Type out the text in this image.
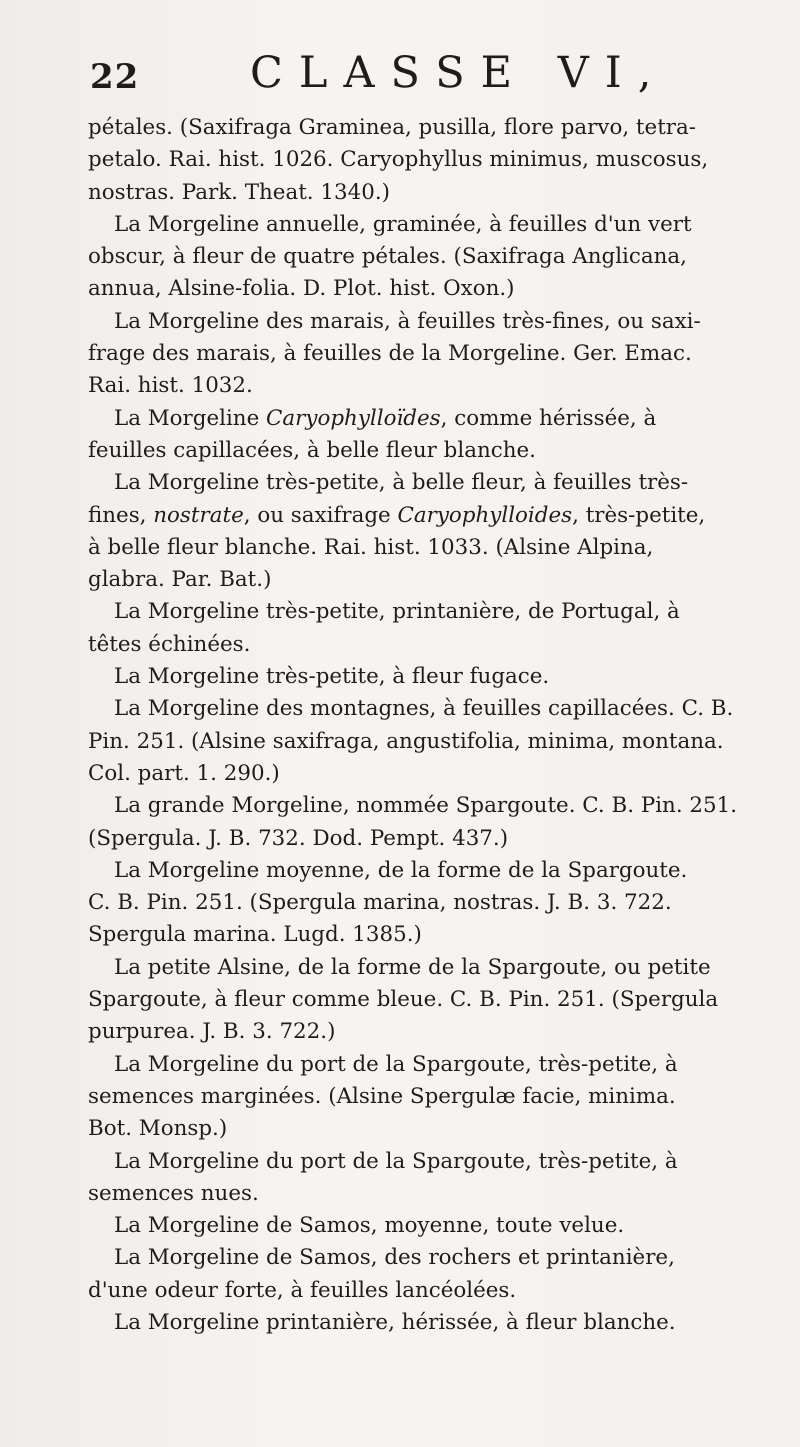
22	CLASSE VI,

pétales. (Saxifraga Graminea, pusilla, flore parvo, tetra-
petalo. Rai. hist. 1026. Caryophyllus minimus, muscosus,
nostras. Park. Theat. 1340.)

La Morgeline annuelle, graminée, à feuilles d'un vert
obscur, à fleur de quatre pétales. (Saxifraga Anglicana,
annua, Alsine-folia. D. Plot. hist. Oxon.)

La Morgeline des marais, à feuilles très-fines, ou saxi-
frage des marais, à feuilles de la Morgeline. Ger. Emac.
Rai. hist. 1032.

La Morgeline Caryophylloïdes, comme hérissée, à
feuilles capillacées, à belle fleur blanche.

La Morgeline très-petite, à belle fleur, à feuilles très-
fines, nostrate, ou saxifrage Caryophylloides, très-petite,
à belle fleur blanche. Rai. hist. 1033. (Alsine Alpina,
glabra. Par. Bat.)

La Morgeline très-petite, printanière, de Portugal, à
têtes échinées.

La Morgeline très-petite, à fleur fugace.

La Morgeline des montagnes, à feuilles capillacées. C. B.
Pin. 251. (Alsine saxifraga, angustifolia, minima, montana.
Col. part. 1. 290.)

La grande Morgeline, nommée Spargoute. C. B. Pin. 251.
(Spergula. J. B. 732. Dod. Pempt. 437.)

La Morgeline moyenne, de la forme de la Spargoute.
C. B. Pin. 251. (Spergula marina, nostras. J. B. 3. 722.
Spergula marina. Lugd. 1385.)

La petite Alsine, de la forme de la Spargoute, ou petite
Spargoute, à fleur comme bleue. C. B. Pin. 251. (Spergula
purpurea. J. B. 3. 722.)

La Morgeline du port de la Spargoute, très-petite, à
semences marginées. (Alsine Spergulæ facie, minima.
Bot. Monsp.)

La Morgeline du port de la Spargoute, très-petite, à
semences nues.

La Morgeline de Samos, moyenne, toute velue.

La Morgeline de Samos, des rochers et printanière,
d'une odeur forte, à feuilles lancéolées.

La Morgeline printanière, hérissée, à fleur blanche.
